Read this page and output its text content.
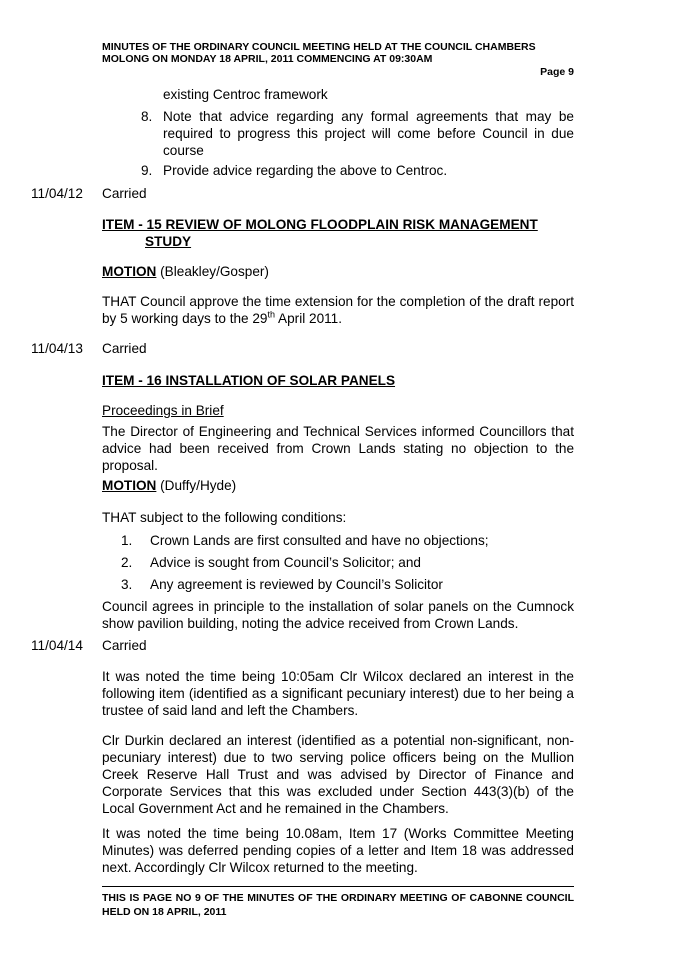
MINUTES OF THE ORDINARY COUNCIL MEETING HELD AT THE COUNCIL CHAMBERS
MOLONG ON MONDAY 18 APRIL, 2011 COMMENCING AT 09:30AM
Page 9
existing Centroc framework
8. Note that advice regarding any formal agreements that may be required to progress this project will come before Council in due course
9. Provide advice regarding the above to Centroc.
11/04/12 Carried
ITEM - 15 REVIEW OF MOLONG FLOODPLAIN RISK MANAGEMENT
STUDY
MOTION (Bleakley/Gosper)
THAT Council approve the time extension for the completion of the draft report by 5 working days to the 29th April 2011.
11/04/13 Carried
ITEM - 16 INSTALLATION OF SOLAR PANELS
Proceedings in Brief
The Director of Engineering and Technical Services informed Councillors that advice had been received from Crown Lands stating no objection to the proposal.
MOTION (Duffy/Hyde)
THAT subject to the following conditions:
1. Crown Lands are first consulted and have no objections;
2. Advice is sought from Council’s Solicitor; and
3. Any agreement is reviewed by Council’s Solicitor
Council agrees in principle to the installation of solar panels on the Cumnock show pavilion building, noting the advice received from Crown Lands.
11/04/14 Carried
It was noted the time being 10:05am Clr Wilcox declared an interest in the following item (identified as a significant pecuniary interest) due to her being a trustee of said land and left the Chambers.
Clr Durkin declared an interest (identified as a potential non-significant, non-pecuniary interest) due to two serving police officers being on the Mullion Creek Reserve Hall Trust and was advised by Director of Finance and Corporate Services that this was excluded under Section 443(3)(b) of the Local Government Act and he remained in the Chambers.
It was noted the time being 10.08am, Item 17 (Works Committee Meeting Minutes) was deferred pending copies of a letter and Item 18 was addressed next. Accordingly Clr Wilcox returned to the meeting.
THIS IS PAGE NO 9 OF THE MINUTES OF THE ORDINARY MEETING OF CABONNE COUNCIL HELD ON 18 APRIL, 2011
